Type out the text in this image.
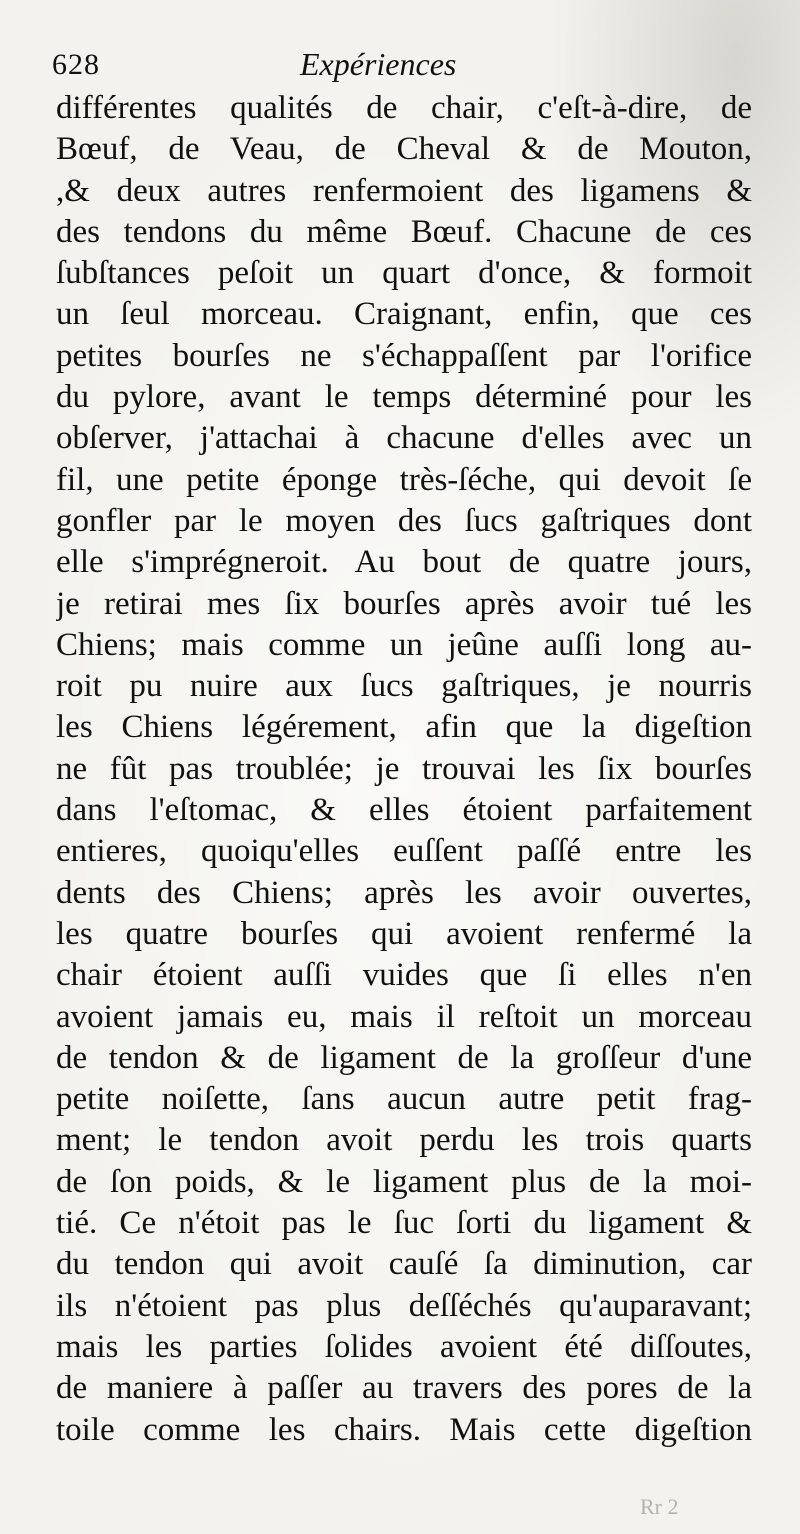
628	Expériences
différentes qualités de chair, c'eſt-à-dire, de
Bœuf, de Veau, de Cheval & de Mouton,
,& deux autres renfermoient des ligamens &
des tendons du même Bœuf. Chacune de ces
ſubſtances peſoit un quart d'once, & formoit
un ſeul morceau. Craignant, enfin, que ces
petites bourſes ne s'échappaſſent par l'orifice
du pylore, avant le temps déterminé pour les
obſerver, j'attachai à chacune d'elles avec un
fil, une petite éponge très-ſéche, qui devoit ſe
gonfler par le moyen des ſucs gaſtriques dont
elle s'imprégneroit. Au bout de quatre jours,
je retirai mes ſix bourſes après avoir tué les
Chiens; mais comme un jeûne auſſi long au-
roit pu nuire aux ſucs gaſtriques, je nourris
les Chiens légérement, afin que la digeſtion
ne fût pas troublée; je trouvai les ſix bourſes
dans l'eſtomac, & elles étoient parfaitement
entieres, quoiqu'elles euſſent paſſé entre les
dents des Chiens; après les avoir ouvertes,
les quatre bourſes qui avoient renfermé la
chair étoient auſſi vuides que ſi elles n'en
avoient jamais eu, mais il reſtoit un morceau
de tendon & de ligament de la groſſeur d'une
petite noiſette, ſans aucun autre petit frag-
ment; le tendon avoit perdu les trois quarts
de ſon poids, & le ligament plus de la moi-
tié. Ce n'étoit pas le ſuc ſorti du ligament &
du tendon qui avoit cauſé ſa diminution, car
ils n'étoient pas plus deſſéchés qu'auparavant;
mais les parties ſolides avoient été diſſoutes,
de maniere à paſſer au travers des pores de la
toile comme les chairs. Mais cette digeſtion
Rr 2
